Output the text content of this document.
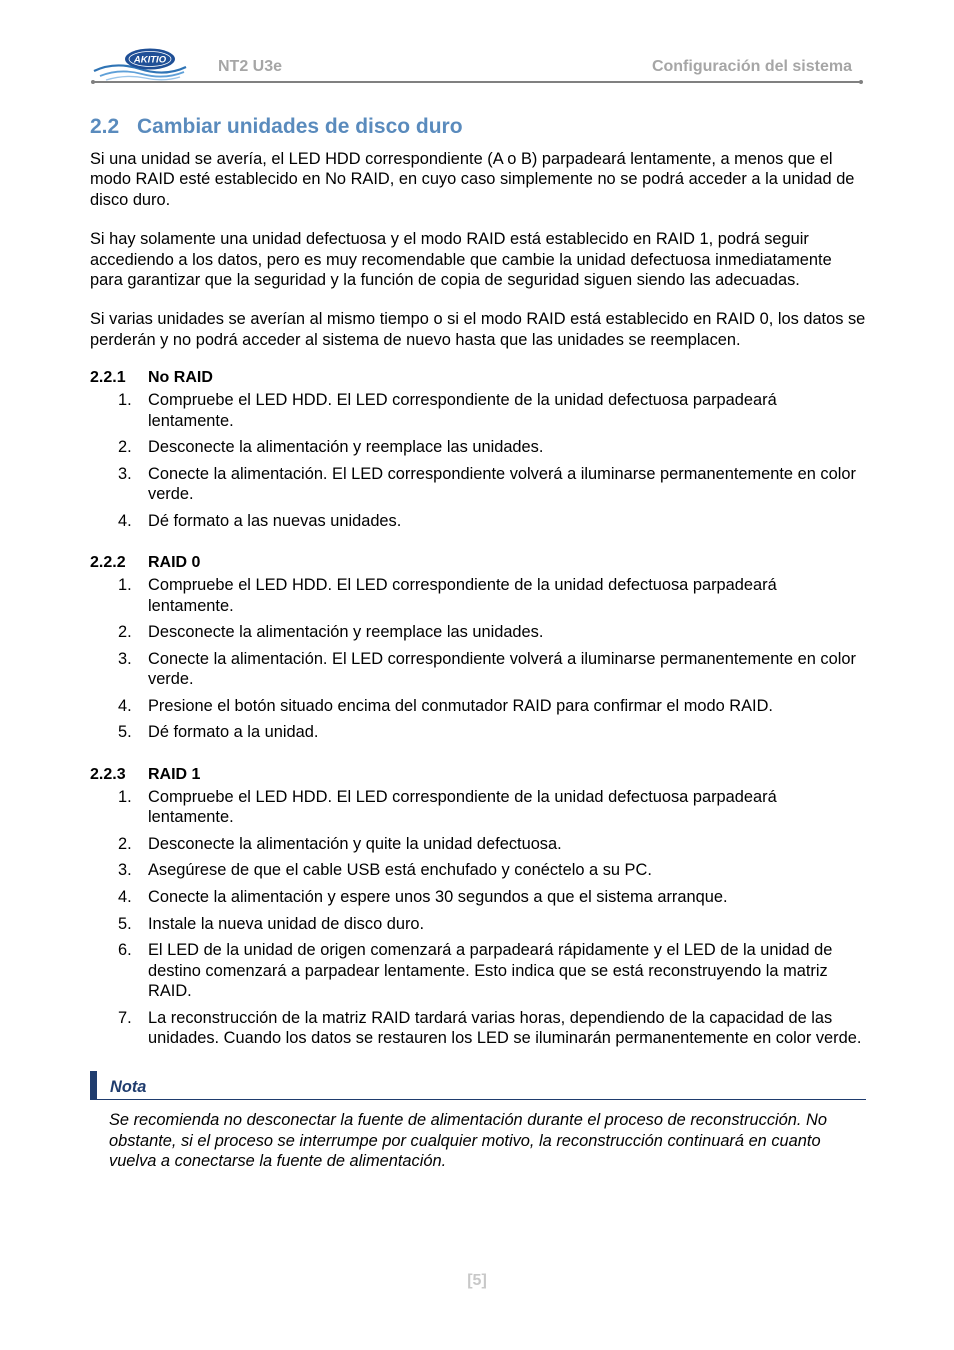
AKITIO	NT2 U3e	Configuración del sistema
2.2 Cambiar unidades de disco duro

Si una unidad se avería, el LED HDD correspondiente (A o B) parpadeará lentamente, a menos que el modo RAID esté establecido en No RAID, en cuyo caso simplemente no se podrá acceder a la unidad de disco duro.

Si hay solamente una unidad defectuosa y el modo RAID está establecido en RAID 1, podrá seguir accediendo a los datos, pero es muy recomendable que cambie la unidad defectuosa inmediatamente para garantizar que la seguridad y la función de copia de seguridad siguen siendo las adecuadas.

Si varias unidades se averían al mismo tiempo o si el modo RAID está establecido en RAID 0, los datos se perderán y no podrá acceder al sistema de nuevo hasta que las unidades se reemplacen.

2.2.1 No RAID
1. Compruebe el LED HDD. El LED correspondiente de la unidad defectuosa parpadeará lentamente.
2. Desconecte la alimentación y reemplace las unidades.
3. Conecte la alimentación. El LED correspondiente volverá a iluminarse permanentemente en color verde.
4. Dé formato a las nuevas unidades.
2.2.2 RAID 0
1. Compruebe el LED HDD. El LED correspondiente de la unidad defectuosa parpadeará lentamente.
2. Desconecte la alimentación y reemplace las unidades.
3. Conecte la alimentación. El LED correspondiente volverá a iluminarse permanentemente en color verde.
4. Presione el botón situado encima del conmutador RAID para confirmar el modo RAID.
5. Dé formato a la unidad.
2.2.3 RAID 1
1. Compruebe el LED HDD. El LED correspondiente de la unidad defectuosa parpadeará lentamente.
2. Desconecte la alimentación y quite la unidad defectuosa.
3. Asegúrese de que el cable USB está enchufado y conéctelo a su PC.
4. Conecte la alimentación y espere unos 30 segundos a que el sistema arranque.
5. Instale la nueva unidad de disco duro.
6. El LED de la unidad de origen comenzará a parpadeará rápidamente y el LED de la unidad de destino comenzará a parpadear lentamente. Esto indica que se está reconstruyendo la matriz RAID.
7. La reconstrucción de la matriz RAID tardará varias horas, dependiendo de la capacidad de las unidades. Cuando los datos se restauren los LED se iluminarán permanentemente en color verde.
Nota
Se recomienda no desconectar la fuente de alimentación durante el proceso de reconstrucción. No obstante, si el proceso se interrumpe por cualquier motivo, la reconstrucción continuará en cuanto vuelva a conectarse la fuente de alimentación.
[5]
